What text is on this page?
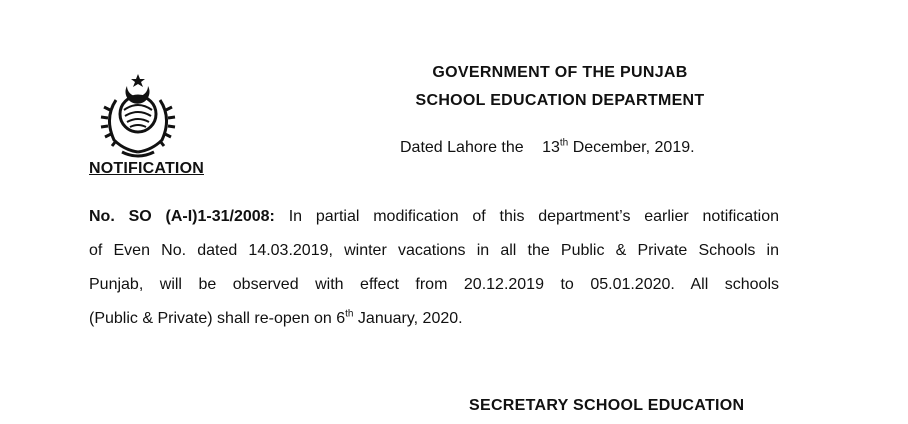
GOVERNMENT OF THE PUNJAB
SCHOOL EDUCATION DEPARTMENT
Dated Lahore the 13th December, 2019.
NOTIFICATION
No. SO (A-I)1-31/2008: In partial modification of this department’s earlier notification
of Even No. dated 14.03.2019, winter vacations in all the Public & Private Schools in
Punjab, will be observed with effect from 20.12.2019 to 05.01.2020. All schools
(Public & Private) shall re-open on 6th January, 2020.
SECRETARY SCHOOL EDUCATION
